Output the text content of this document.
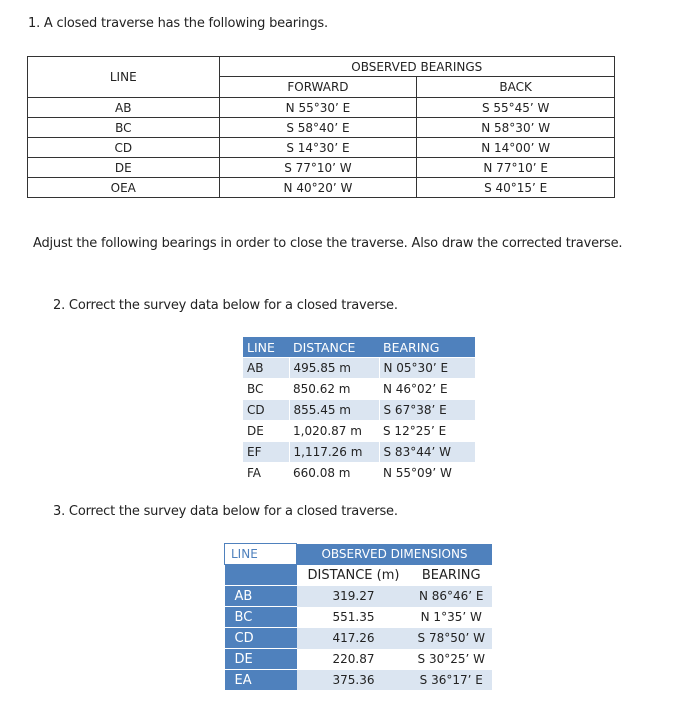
1. A closed traverse has the following bearings.
LINE	OBSERVED BEARINGS	
	FORWARD	BACK
AB	N 55°30’ E	S 55°45’ W
BC	S 58°40’ E	N 58°30’ W
CD	S 14°30’ E	N 14°00’ W
DE	S 77°10’ W	N 77°10’ E
OEA	N 40°20’ W	S 40°15’ E
Adjust the following bearings in order to close the traverse. Also draw the corrected traverse.
2. Correct the survey data below for a closed traverse.
LINE	DISTANCE	BEARING
AB	495.85 m	N 05°30’ E
BC	850.62 m	N 46°02’ E
CD	855.45 m	S 67°38’ E
DE	1,020.87 m	S 12°25’ E
EF	1,117.26 m	S 83°44’ W
FA	660.08 m	N 55°09’ W
3. Correct the survey data below for a closed traverse.
LINE	OBSERVED DIMENSIONS	
	DISTANCE (m)	BEARING
AB	319.27	N 86°46’ E
BC	551.35	N 1°35’ W
CD	417.26	S 78°50’ W
DE	220.87	S 30°25’ W
EA	375.36	S 36°17’ E
